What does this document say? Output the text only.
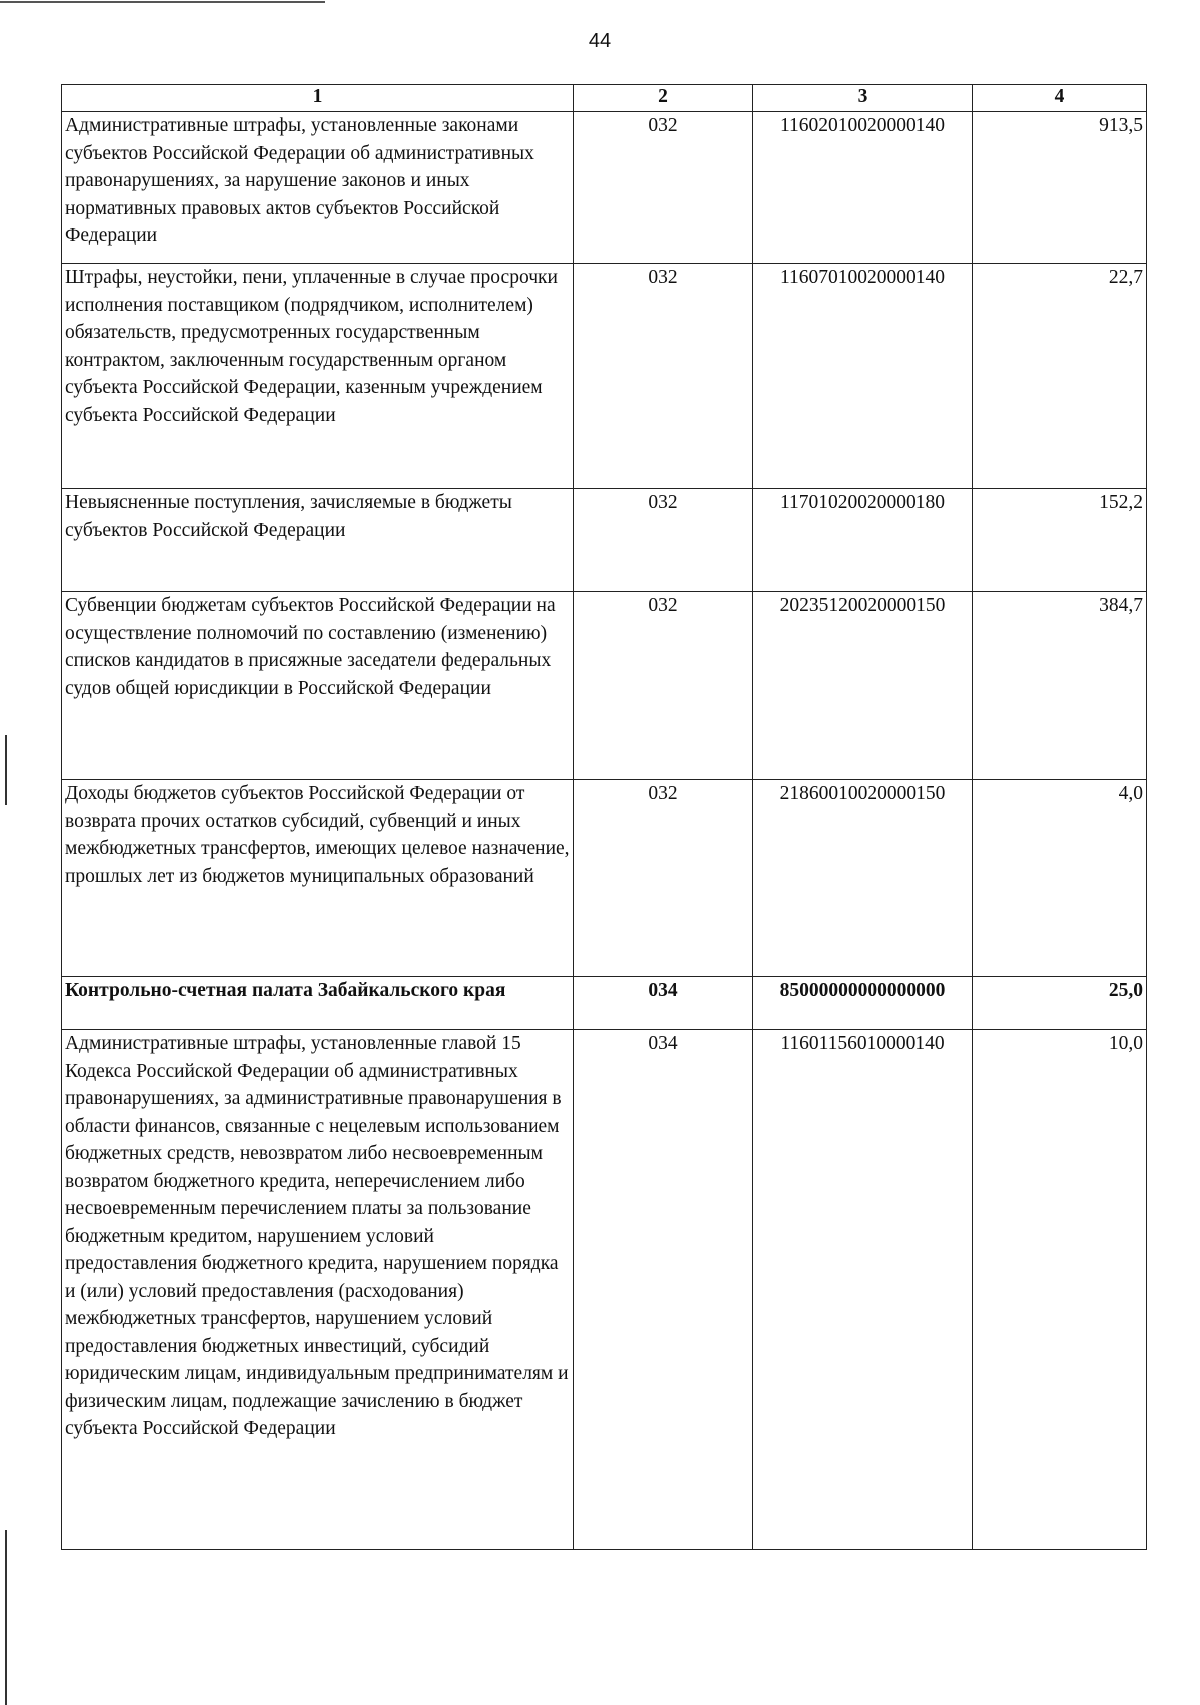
44
1	2	3	4
Административные штрафы, установленные законами субъектов Российской Федерации об административных правонарушениях, за нарушение законов и иных нормативных правовых актов субъектов Российской Федерации	032	11602010020000140	913,5
Штрафы, неустойки, пени, уплаченные в случае просрочки исполнения поставщиком (подрядчиком, исполнителем) обязательств, предусмотренных государственным контрактом, заключенным государственным органом субъекта Российской Федерации, казенным учреждением субъекта Российской Федерации	032	11607010020000140	22,7
Невыясненные поступления, зачисляемые в бюджеты субъектов Российской Федерации	032	11701020020000180	152,2
Субвенции бюджетам субъектов Российской Федерации на осуществление полномочий по составлению (изменению) списков кандидатов в присяжные заседатели федеральных судов общей юрисдикции в Российской Федерации	032	20235120020000150	384,7
Доходы бюджетов субъектов Российской Федерации от возврата прочих остатков субсидий, субвенций и иных межбюджетных трансфертов, имеющих целевое назначение, прошлых лет из бюджетов муниципальных образований	032	21860010020000150	4,0
Контрольно-счетная палата Забайкальского края	034	85000000000000000	25,0
Административные штрафы, установленные главой 15 Кодекса Российской Федерации об административных правонарушениях, за административные правонарушения в области финансов, связанные с нецелевым использованием бюджетных средств, невозвратом либо несвоевременным возвратом бюджетного кредита, неперечислением либо несвоевременным перечислением платы за пользование бюджетным кредитом, нарушением условий предоставления бюджетного кредита, нарушением порядка и (или) условий предоставления (расходования) межбюджетных трансфертов, нарушением условий предоставления бюджетных инвестиций, субсидий юридическим лицам, индивидуальным предпринимателям и физическим лицам, подлежащие зачислению в бюджет субъекта Российской Федерации	034	11601156010000140	10,0
